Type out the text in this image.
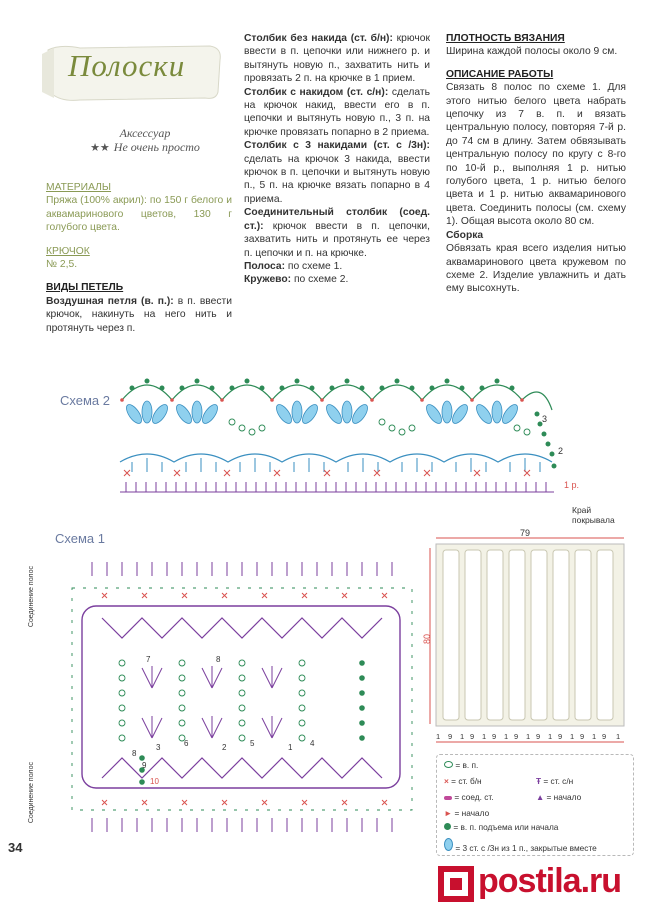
Полоски
Аксессуар
★★ Не очень просто
МАТЕРИАЛЫ
Пряжа (100% акрил): по 150 г белого и аквамаринового цветов, 130 г голубого цвета.
КРЮЧОК
№ 2,5.
ВИДЫ ПЕТЕЛЬ
Воздушная петля (в. п.): в п. ввести крючок, накинуть на него нить и протянуть через п.
Столбик без накида (ст. б/н): крючок ввести в п. цепочки или нижнего р. и вытянуть новую п., захватить нить и провязать 2 п. на крючке в 1 прием.
Столбик с накидом (ст. с/н): сделать на крючок накид, ввести его в п. цепочки и вытянуть новую п., 3 п. на крючке провязать попарно в 2 приема.
Столбик с 3 накидами (ст. с /3н): сделать на крючок 3 накида, ввести крючок в п. цепочки и вытянуть новую п., 5 п. на крючке вязать попарно в 4 приема.
Соединительный столбик (соед. ст.): крючок ввести в п. цепочки, захватить нить и протянуть ее через п. цепочки и п. на крючке.
Полоса: по схеме 1.
Кружево: по схеме 2.
ПЛОТНОСТЬ ВЯЗАНИЯ
Ширина каждой полосы около 9 см.
ОПИСАНИЕ РАБОТЫ
Связать 8 полос по схеме 1. Для этого нитью белого цвета набрать цепочку из 7 в. п. и вязать центральную полосу, повторяя 7-й р. до 74 см в длину. Затем обвязывать центральную полосу по кругу с 8-го по 10-й р., выполняя 1 р. нитью голубого цвета, 1 р. нитью белого цвета и 1 р. нитью аквамаринового цвета. Соединить полосы (см. схему 1). Общая высота около 80 см.
Сборка
Обвязать края всего изделия нитью аквамаринового цвета кружевом по схеме 2. Изделие увлажнить и дать ему высохнуть.
Схема 2
3
2
1 р.
Край
покрывала
Схема 1
Соединение полос
Соединение полос
7	8
6	5	4
3	2	1
8
9
10
79
80
1 9 1 9 1 9 1 9 1 9 1 9 1 9 1 9 1
= в. п.
× = ст. б/н	Ŧ = ст. с/н
= соед. ст.	▲ = начало
► = начало
= в. п. подъема или начала
= 3 ст. с /3н из 1 п., закрытые вместе
34
postila.ru
